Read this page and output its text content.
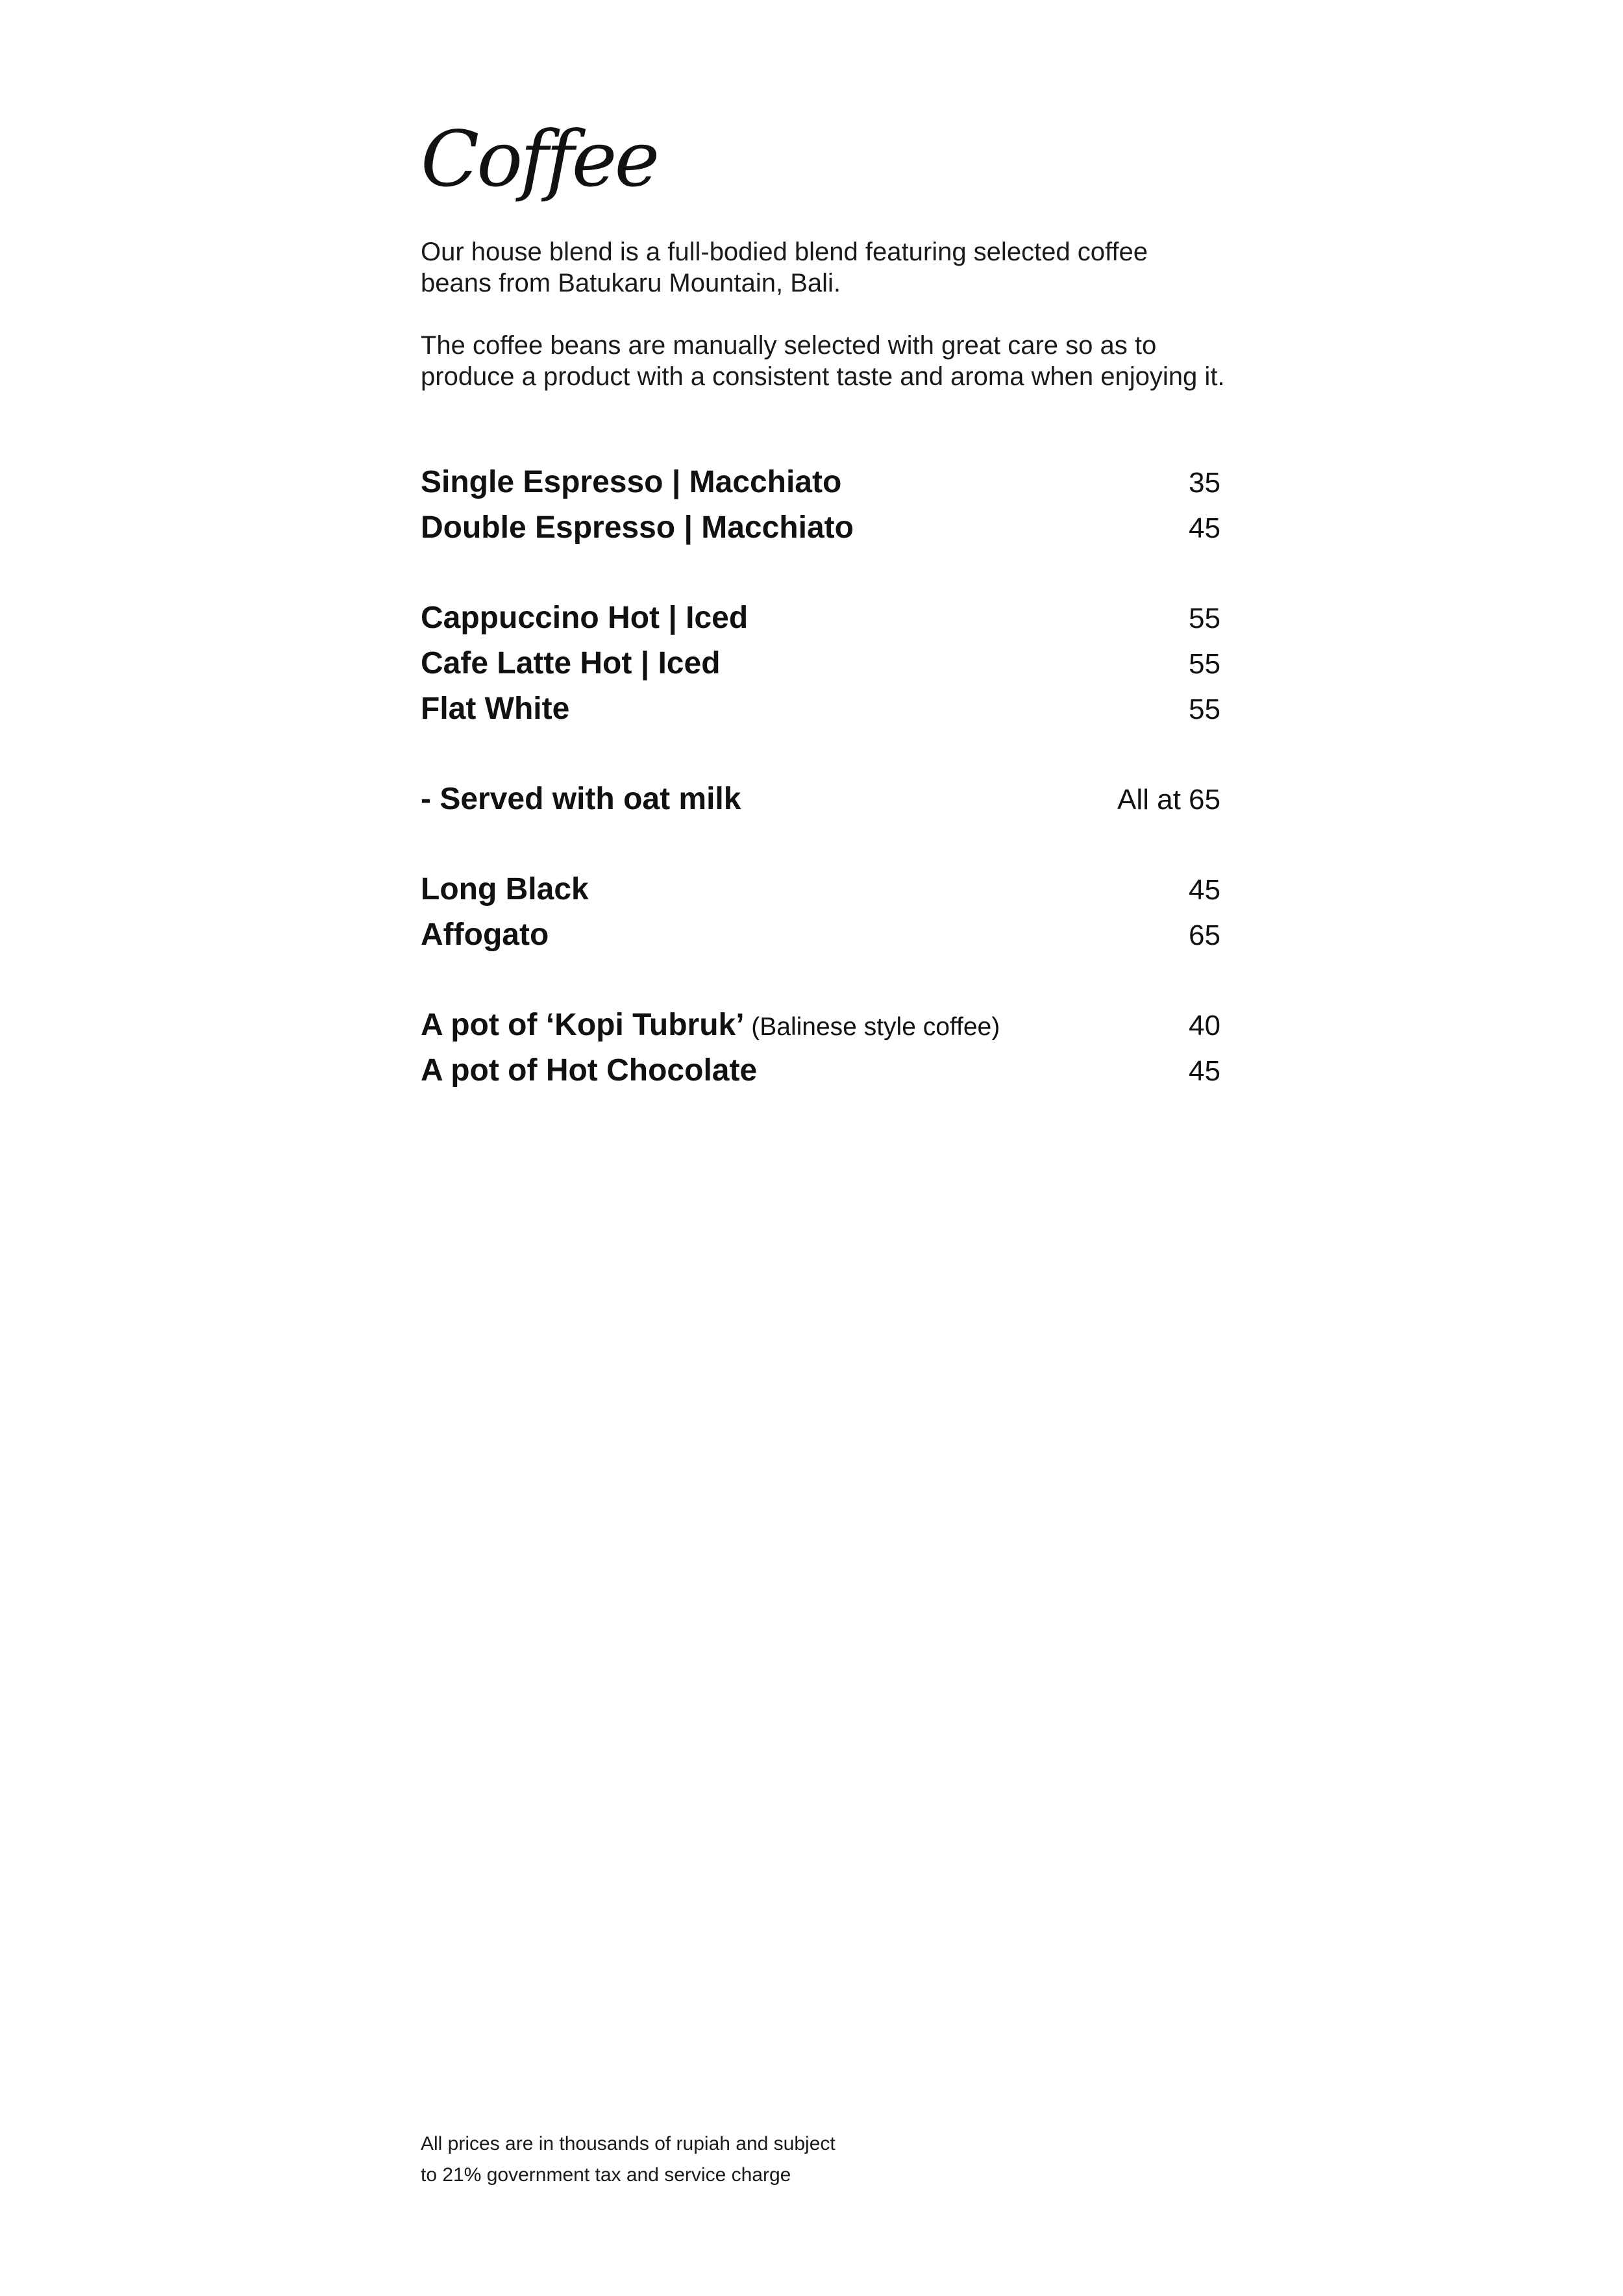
Coffee

Our house blend is a full-bodied blend featuring selected coffee beans from Batukaru Mountain, Bali.

The coffee beans are manually selected with great care so as to produce a product with a consistent taste and aroma when enjoying it.

Single Espresso | Macchiato	35
Double Espresso | Macchiato	45
Cappuccino Hot | Iced	55
Cafe Latte Hot | Iced	55
Flat White	55
- Served with oat milk	All at 65
Long Black	45
Affogato	65
A pot of ‘Kopi Tubruk’ (Balinese style coffee)	40
A pot of Hot Chocolate	45
All prices are in thousands of rupiah and subject
to 21% government tax and service charge
